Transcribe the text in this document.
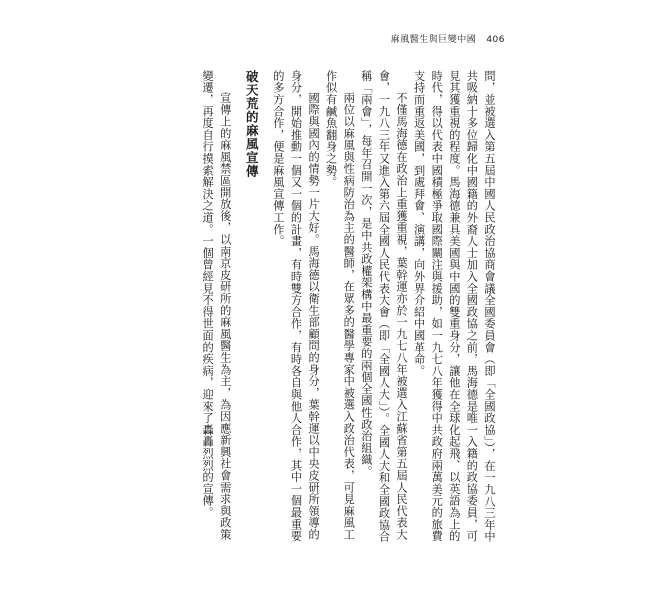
麻風醫生與巨變中國 406

問，並被選入第五屆中國人民政治協商會議全國委員會（即「全國政協」），在一九八三年中共吸納十多位歸化中國籍的外裔人士加入全國政協之前，馬海德是唯一入籍的政協委員，可見其獲重視的程度。馬海德兼具美國與中國的雙重身分，讓他在全球化起飛、以英語為上的時代，得以代表中國積極爭取國際關注與援助，如一九七八年獲得中共政府兩萬美元的旅費支持而重返美國，到處拜會、演講，向外界介紹中國革命。

不僅馬海德在政治上重獲重視，葉幹運亦於一九七八年被選入江蘇省第五屆人民代表大會，一九八三年又進入第六屆全國人民代表大會（即「全國人大」）。全國人大和全國政協合稱「兩會」，每年召開一次，是中共政權架構中最重要的兩個全國性政治組織。

兩位以麻風與性病防治為主的醫師，在眾多的醫學專家中被選入政治代表，可見麻風工作似有鹹魚翻身之勢。

國際與國內的情勢一片大好。馬海德以衛生部顧問的身分，葉幹運以中央皮研所領導的身分，開始推動一個又一個的計畫，有時雙方合作，有時各自與他人合作，其中一個最重要的多方合作，便是麻風宣傳工作。

破天荒的麻風宣傳

宣傳上的麻風禁區開放後，以南京皮研所的麻風醫生為主，為因應新興社會需求與政策變遷，再度自行摸索解決之道。一個曾經見不得世面的疾病，迎來了轟轟烈烈的宣傳。
